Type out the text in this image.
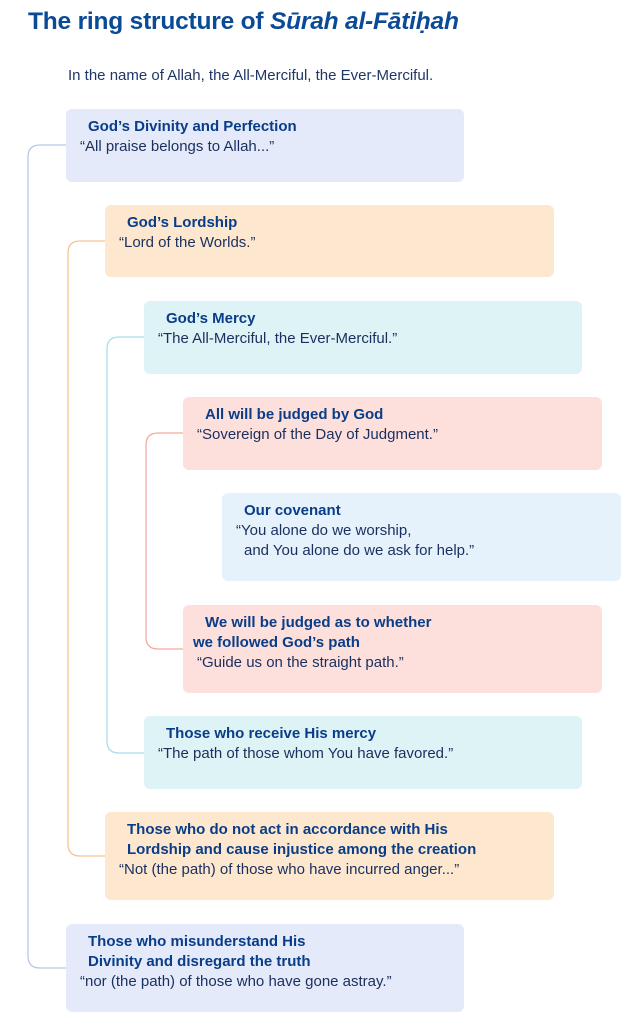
The ring structure of Sūrah al-Fātiḥah
In the name of Allah, the All-Merciful, the Ever-Merciful.
God’s Divinity and Perfection
“All praise belongs to Allah...”
God’s Lordship
“Lord of the Worlds.”
God’s Mercy
“The All-Merciful, the Ever-Merciful.”
All will be judged by God
“Sovereign of the Day of Judgment.”
Our covenant
“You alone do we worship,
and You alone do we ask for help.”
We will be judged as to whether
we followed God’s path
“Guide us on the straight path.”
Those who receive His mercy
“The path of those whom You have favored.”
Those who do not act in accordance with His
Lordship and cause injustice among the creation
“Not (the path) of those who have incurred anger...”
Those who misunderstand His
Divinity and disregard the truth
“nor (the path) of those who have gone astray.”
